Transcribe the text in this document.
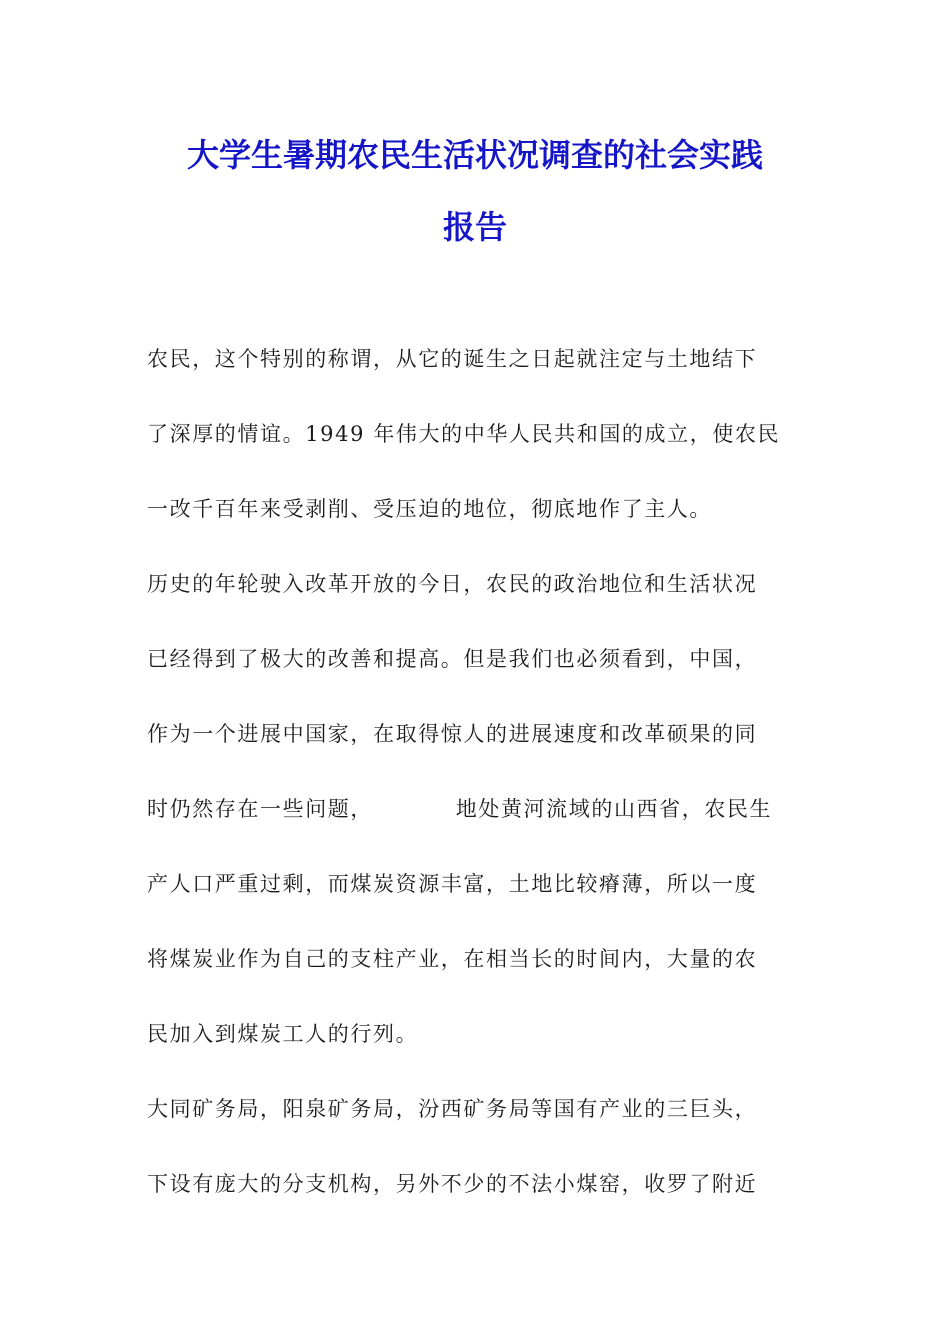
大学生暑期农民生活状况调查的社会实践
报告

农民，这个特别的称谓，从它的诞生之日起就注定与土地结下

了深厚的情谊。1949 年伟大的中华人民共和国的成立，使农民

一改千百年来受剥削、受压迫的地位，彻底地作了主人。

历史的年轮驶入改革开放的今日，农民的政治地位和生活状况

已经得到了极大的改善和提高。但是我们也必须看到，中国，

作为一个进展中国家，在取得惊人的进展速度和改革硕果的同

时仍然存在一些问题，          地处黄河流域的山西省，农民生

产人口严重过剩，而煤炭资源丰富，土地比较瘠薄，所以一度

将煤炭业作为自己的支柱产业，在相当长的时间内，大量的农

民加入到煤炭工人的行列。

大同矿务局，阳泉矿务局，汾西矿务局等国有产业的三巨头，

下设有庞大的分支机构，另外不少的不法小煤窑，收罗了附近
